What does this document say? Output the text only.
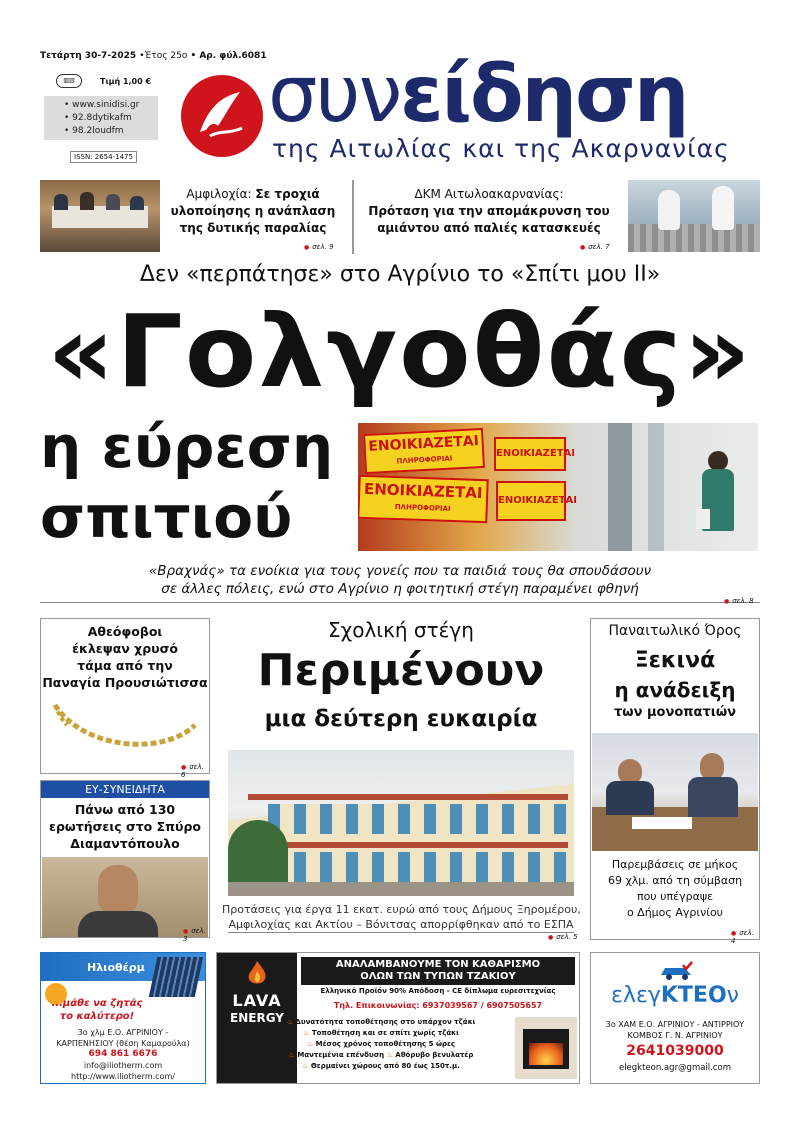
Τετάρτη 30-7-2025 •Έτος 25ο • Αρ. φύλ.6081
▥▥	Τιμή 1,00 €
• www.sinidisi.gr
• 92.8dytikafm
• 98.2loudfm
ISSN: 2654-1475
συνείδηση
της Αιτωλίας και της Ακαρνανίας
Αμφιλοχία: Σε τροχιά
υλοποίησης η ανάπλαση
της δυτικής παραλίας
● σελ. 9
ΔΚΜ Αιτωλοακαρνανίας:
Πρόταση για την απομάκρυνση του
αμιάντου από παλιές κατασκευές
● σελ. 7
Δεν «περπάτησε» στο Αγρίνιο το «Σπίτι μου ΙΙ»
«Γολγοθάς»
η εύρεση
σπιτιού
ΕΝΟΙΚΙΑΖΕΤΑΙ
ΠΛΗΡΟΦΟΡΙΑΙ
ΕΝΟΙΚΙΑΖΕΤΑΙ
ΠΛΗΡΟΦΟΡΙΑΙ
ΕΝΟΙΚΙΑΖΕΤΑΙ
ΕΝΟΙΚΙΑΖΕΤΑΙ
«Βραχνάς» τα ενοίκια για τους γονείς που τα παιδιά τους θα σπουδάσουν
σε άλλες πόλεις, ενώ στο Αγρίνιο η φοιτητική στέγη παραμένει φθηνή
● σελ. 8
Αθεόφοβοι
έκλεψαν χρυσό
τάμα από την
Παναγία Προυσιώτισσα
● σελ. 6
ΕΥ-ΣΥΝΕΙΔΗΤΑ
Πάνω από 130
ερωτήσεις στο Σπύρο
Διαμαντόπουλο
● σελ. 3
Σχολική στέγη
Περιμένουν
μια δεύτερη ευκαιρία
Προτάσεις για έργα 11 εκατ. ευρώ από τους Δήμους Ξηρομέρου,
Αμφιλοχίας και Ακτίου – Βόνιτσας απορρίφθηκαν από το ΕΣΠΑ
● σελ. 5
Παναιτωλικό Όρος
Ξεκινά
η ανάδειξη
των μονοπατιών
Παρεμβάσεις σε μήκος
69 χλμ. από τη σύμβαση
που υπέγραψε
ο Δήμος Αγρινίου
● σελ. 4
Ηλιοθέρμ
...μάθε να ζητάς
το καλύτερο!
3ο χλμ Ε.Ο. ΑΓΡΙΝΙΟΥ -
ΚΑΡΠΕΝΗΣΙΟΥ (θέση Καμαρούλα)
694 861 6676
info@iliotherm.com
http://www.iliotherm.com/
LAVA
ENERGY
ΑΝΑΛΑΜΒΑΝΟΥΜΕ ΤΟΝ ΚΑΘΑΡΙΣΜΟ
ΟΛΩΝ ΤΩΝ ΤΥΠΩΝ ΤΖΑΚΙΟΥ
Ελληνικό Προϊόν 90% Απόδοση - CE δίπλωμα ευρεσιτεχνίας
Τηλ. Επικοινωνίας: 6937039567 / 6907505657
♨ Δυνατότητα τοποθέτησης στο υπάρχον τζάκι
♨ Τοποθέτηση και σε σπίτι χωρίς τζάκι
♨ Μέσος χρόνος τοποθέτησης 5 ώρες
♨ Μαντεμένια επένδυση ♨ Αθόρυβο βενυλατέρ
♨ Θερμαίνει χώρους από 80 έως 150τ.μ.
ελεγΚΤΕΟν
3ο ΧΑΜ Ε.Ο. ΑΓΡΙΝΙΟΥ - ΑΝΤΙΡΡΙΟΥ
ΚΟΜΒΟΣ Γ. Ν. ΑΓΡΙΝΙΟΥ
2641039000
elegkteon.agr@gmail.com
